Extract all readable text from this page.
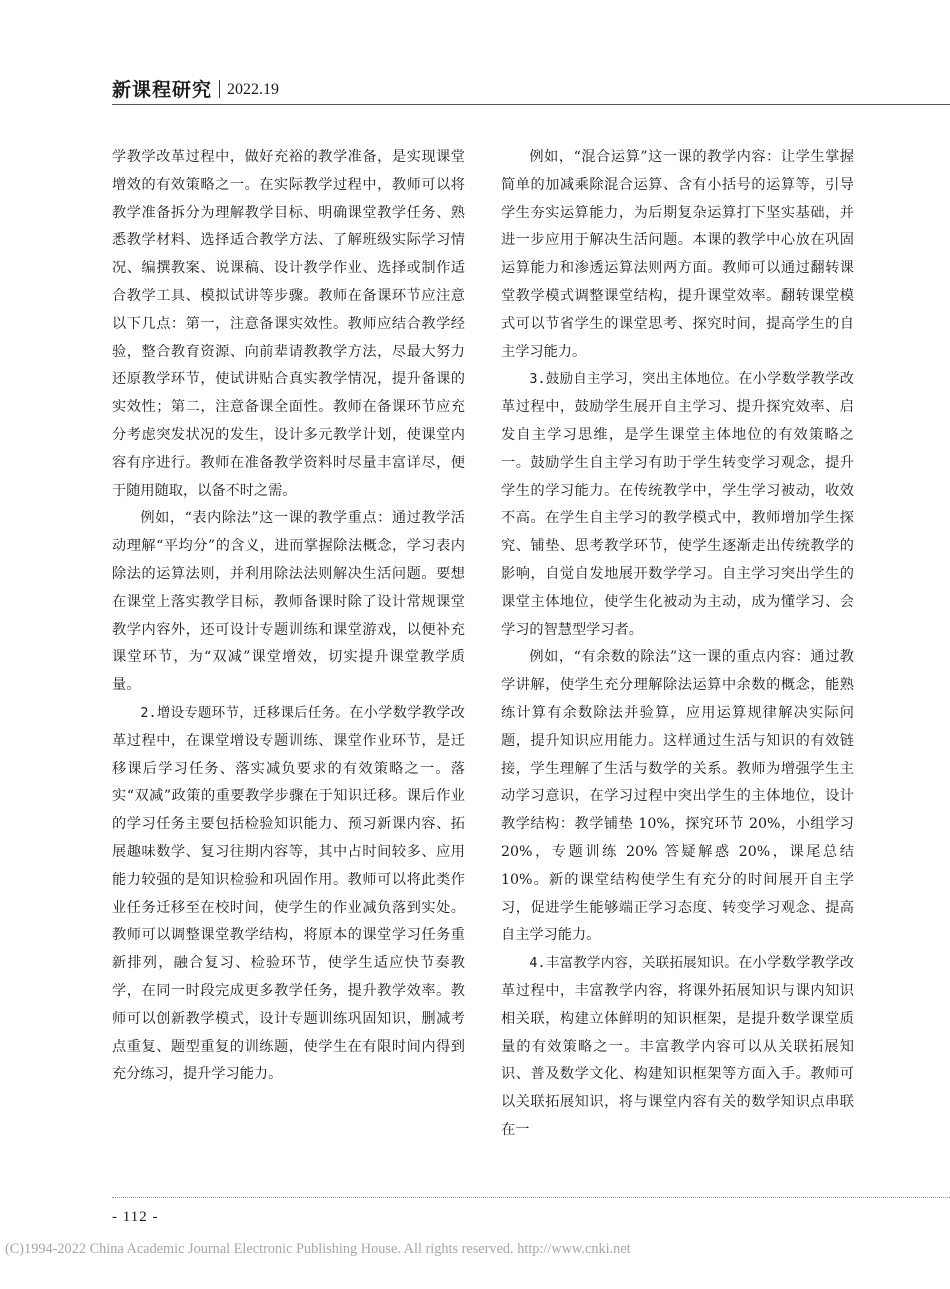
新课程研究 2022.19

学教学改革过程中，做好充裕的教学准备，是实现课堂增效的有效策略之一。在实际教学过程中，教师可以将教学准备拆分为理解教学目标、明确课堂教学任务、熟悉教学材料、选择适合教学方法、了解班级实际学习情况、编撰教案、说课稿、设计教学作业、选择或制作适合教学工具、模拟试讲等步骤。教师在备课环节应注意以下几点：第一，注意备课实效性。教师应结合教学经验，整合教育资源、向前辈请教教学方法，尽最大努力还原教学环节，使试讲贴合真实教学情况，提升备课的实效性；第二，注意备课全面性。教师在备课环节应充分考虑突发状况的发生，设计多元教学计划，使课堂内容有序进行。教师在准备教学资料时尽量丰富详尽，便于随用随取，以备不时之需。

例如，“表内除法”这一课的教学重点：通过教学活动理解“平均分”的含义，进而掌握除法概念，学习表内除法的运算法则，并利用除法法则解决生活问题。要想在课堂上落实教学目标，教师备课时除了设计常规课堂教学内容外，还可设计专题训练和课堂游戏，以便补充课堂环节，为“双减”课堂增效，切实提升课堂教学质量。

2.增设专题环节，迁移课后任务。在小学数学教学改革过程中，在课堂增设专题训练、课堂作业环节，是迁移课后学习任务、落实减负要求的有效策略之一。落实“双减”政策的重要教学步骤在于知识迁移。课后作业的学习任务主要包括检验知识能力、预习新课内容、拓展趣味数学、复习往期内容等，其中占时间较多、应用能力较强的是知识检验和巩固作用。教师可以将此类作业任务迁移至在校时间，使学生的作业减负落到实处。教师可以调整课堂教学结构，将原本的课堂学习任务重新排列，融合复习、检验环节，使学生适应快节奏教学，在同一时段完成更多教学任务，提升教学效率。教师可以创新教学模式，设计专题训练巩固知识，删减考点重复、题型重复的训练题，使学生在有限时间内得到充分练习，提升学习能力。

例如，“混合运算”这一课的教学内容：让学生掌握简单的加减乘除混合运算、含有小括号的运算等，引导学生夯实运算能力，为后期复杂运算打下坚实基础，并进一步应用于解决生活问题。本课的教学中心放在巩固运算能力和渗透运算法则两方面。教师可以通过翻转课堂教学模式调整课堂结构，提升课堂效率。翻转课堂模式可以节省学生的课堂思考、探究时间，提高学生的自主学习能力。

3.鼓励自主学习，突出主体地位。在小学数学教学改革过程中，鼓励学生展开自主学习、提升探究效率、启发自主学习思维，是学生课堂主体地位的有效策略之一。鼓励学生自主学习有助于学生转变学习观念，提升学生的学习能力。在传统教学中，学生学习被动，收效不高。在学生自主学习的教学模式中，教师增加学生探究、铺垫、思考教学环节，使学生逐渐走出传统教学的影响，自觉自发地展开数学学习。自主学习突出学生的课堂主体地位，使学生化被动为主动，成为懂学习、会学习的智慧型学习者。

例如，“有余数的除法”这一课的重点内容：通过教学讲解，使学生充分理解除法运算中余数的概念，能熟练计算有余数除法并验算，应用运算规律解决实际问题，提升知识应用能力。这样通过生活与知识的有效链接，学生理解了生活与数学的关系。教师为增强学生主动学习意识，在学习过程中突出学生的主体地位，设计教学结构：教学铺垫 10%，探究环节 20%，小组学习 20%，专题训练 20% 答疑解惑 20%，课尾总结 10%。新的课堂结构使学生有充分的时间展开自主学习，促进学生能够端正学习态度、转变学习观念、提高自主学习能力。

4.丰富教学内容，关联拓展知识。在小学数学教学改革过程中，丰富教学内容，将课外拓展知识与课内知识相关联，构建立体鲜明的知识框架，是提升数学课堂质量的有效策略之一。丰富教学内容可以从关联拓展知识、普及数学文化、构建知识框架等方面入手。教师可以关联拓展知识，将与课堂内容有关的数学知识点串联在一

- 112 -
(C)1994-2022 China Academic Journal Electronic Publishing House. All rights reserved. http://www.cnki.net
